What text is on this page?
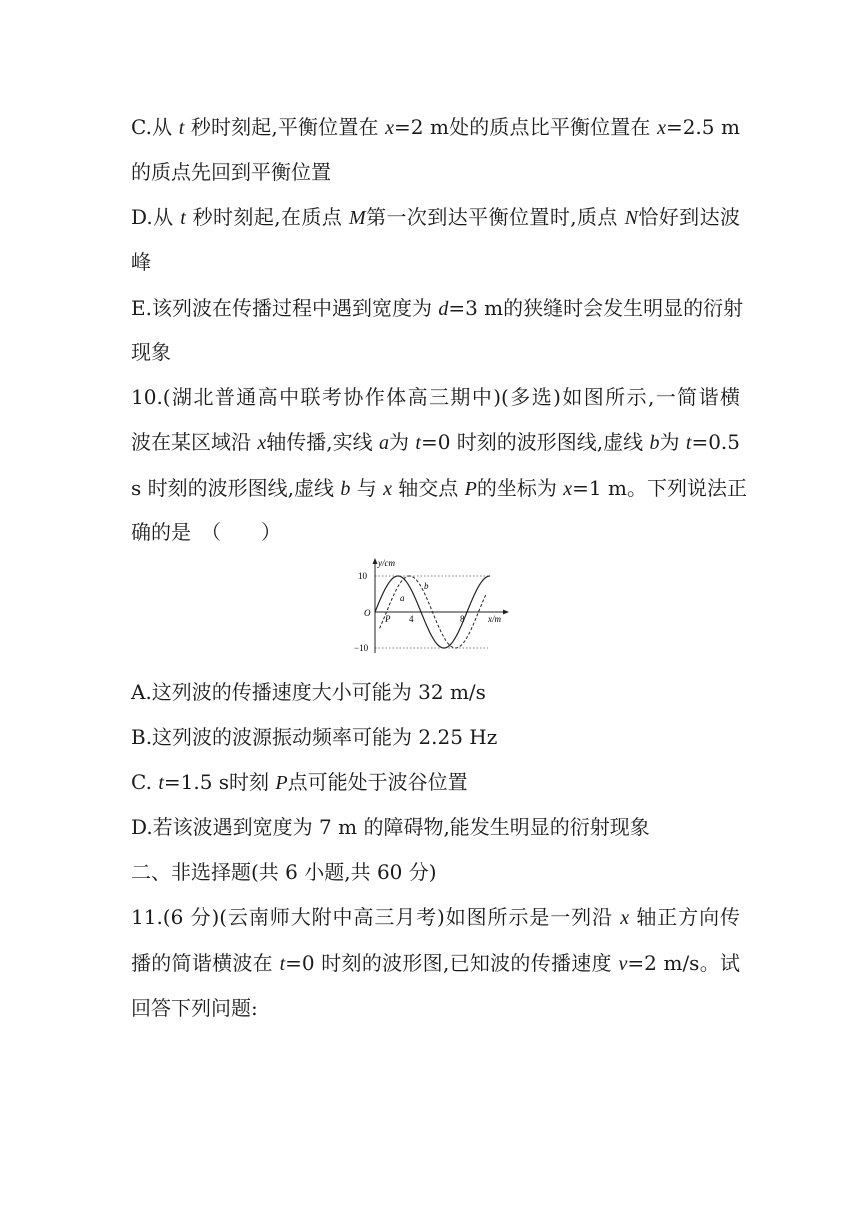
C.从 t 秒时刻起,平衡位置在 x=2 m处的质点比平衡位置在 x=2.5 m
的质点先回到平衡位置
D.从 t 秒时刻起,在质点 M第一次到达平衡位置时,质点 N恰好到达波
峰
E.该列波在传播过程中遇到宽度为 d=3 m的狭缝时会发生明显的衍射
现象
10.(湖北普通高中联考协作体高三期中)(多选)如图所示,一简谐横
波在某区域沿 x轴传播,实线 a为 t=0 时刻的波形图线,虚线 b为 t=0.5
s 时刻的波形图线,虚线 b 与 x 轴交点 P的坐标为 x=1 m。下列说法正
确的是　（　　）
y/cm
x/m
O
10
−10
4	8
P
a
b
A.这列波的传播速度大小可能为 32 m/s
B.这列波的波源振动频率可能为 2.25 Hz
C. t=1.5 s时刻 P点可能处于波谷位置
D.若该波遇到宽度为 7 m 的障碍物,能发生明显的衍射现象
二、非选择题(共 6 小题,共 60 分)
11.(6 分)(云南师大附中高三月考)如图所示是一列沿 x 轴正方向传
播的简谐横波在 t=0 时刻的波形图,已知波的传播速度 v=2 m/s。试
回答下列问题:
